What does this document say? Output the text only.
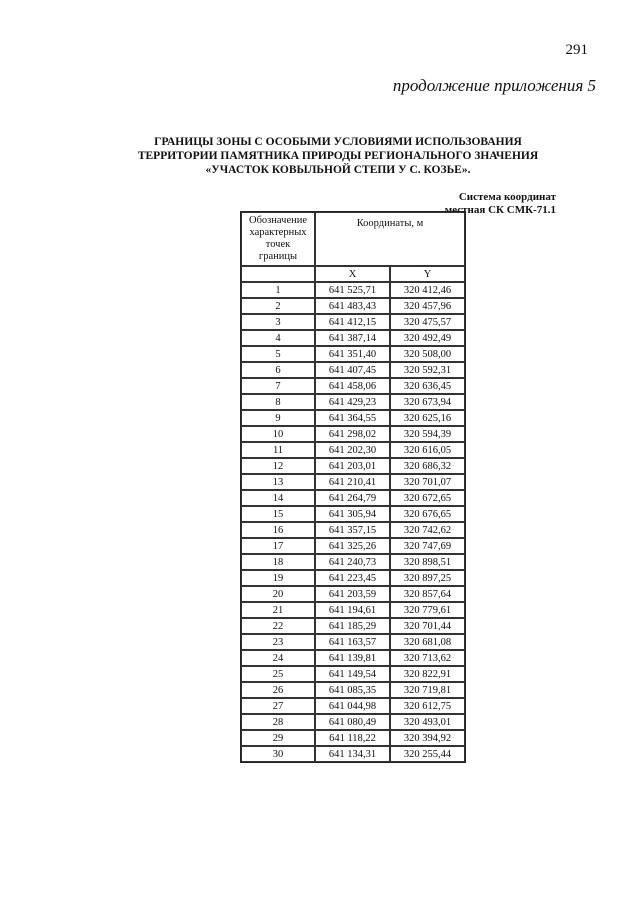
291
продолжение приложения 5
ГРАНИЦЫ ЗОНЫ С ОСОБЫМИ УСЛОВИЯМИ ИСПОЛЬЗОВАНИЯ
ТЕРРИТОРИИ ПАМЯТНИКА ПРИРОДЫ РЕГИОНАЛЬНОГО ЗНАЧЕНИЯ
«УЧАСТОК КОВЫЛЬНОЙ СТЕПИ У С. КОЗЬЕ».
Система координат
местная СК СМК-71.1
Обозначение
характерных
точек
границы	Координаты, м	
	X	Y
1	641 525,71	320 412,46
2	641 483,43	320 457,96
3	641 412,15	320 475,57
4	641 387,14	320 492,49
5	641 351,40	320 508,00
6	641 407,45	320 592,31
7	641 458,06	320 636,45
8	641 429,23	320 673,94
9	641 364,55	320 625,16
10	641 298,02	320 594,39
11	641 202,30	320 616,05
12	641 203,01	320 686,32
13	641 210,41	320 701,07
14	641 264,79	320 672,65
15	641 305,94	320 676,65
16	641 357,15	320 742,62
17	641 325,26	320 747,69
18	641 240,73	320 898,51
19	641 223,45	320 897,25
20	641 203,59	320 857,64
21	641 194,61	320 779,61
22	641 185,29	320 701,44
23	641 163,57	320 681,08
24	641 139,81	320 713,62
25	641 149,54	320 822,91
26	641 085,35	320 719,81
27	641 044,98	320 612,75
28	641 080,49	320 493,01
29	641 118,22	320 394,92
30	641 134,31	320 255,44
